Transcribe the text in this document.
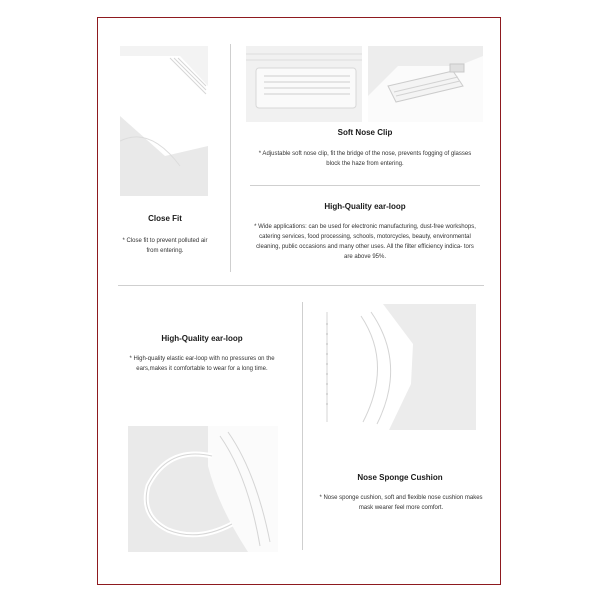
Soft Nose Clip
* Adjustable soft nose clip, fit the bridge of the nose, prevents fogging of glasses block the haze from entering.
High-Quality ear-loop
* Wide applications: can be used for electronic manufacturing, dust-free workshops, catering services, food processing, schools, motorcycles, beauty, environmental cleaning, public occasions and many other uses. All the filter efficiency indica- tors are above 95%.
Close Fit
* Close fit to prevent polluted air from entering.
High-Quality ear-loop
* High-quality elastic ear-loop with no pressures on the ears,makes it comfortable to wear for a long time.
Nose Sponge Cushion
* Nose sponge cushion, soft and flexible nose cushion makes mask wearer feel more comfort.
